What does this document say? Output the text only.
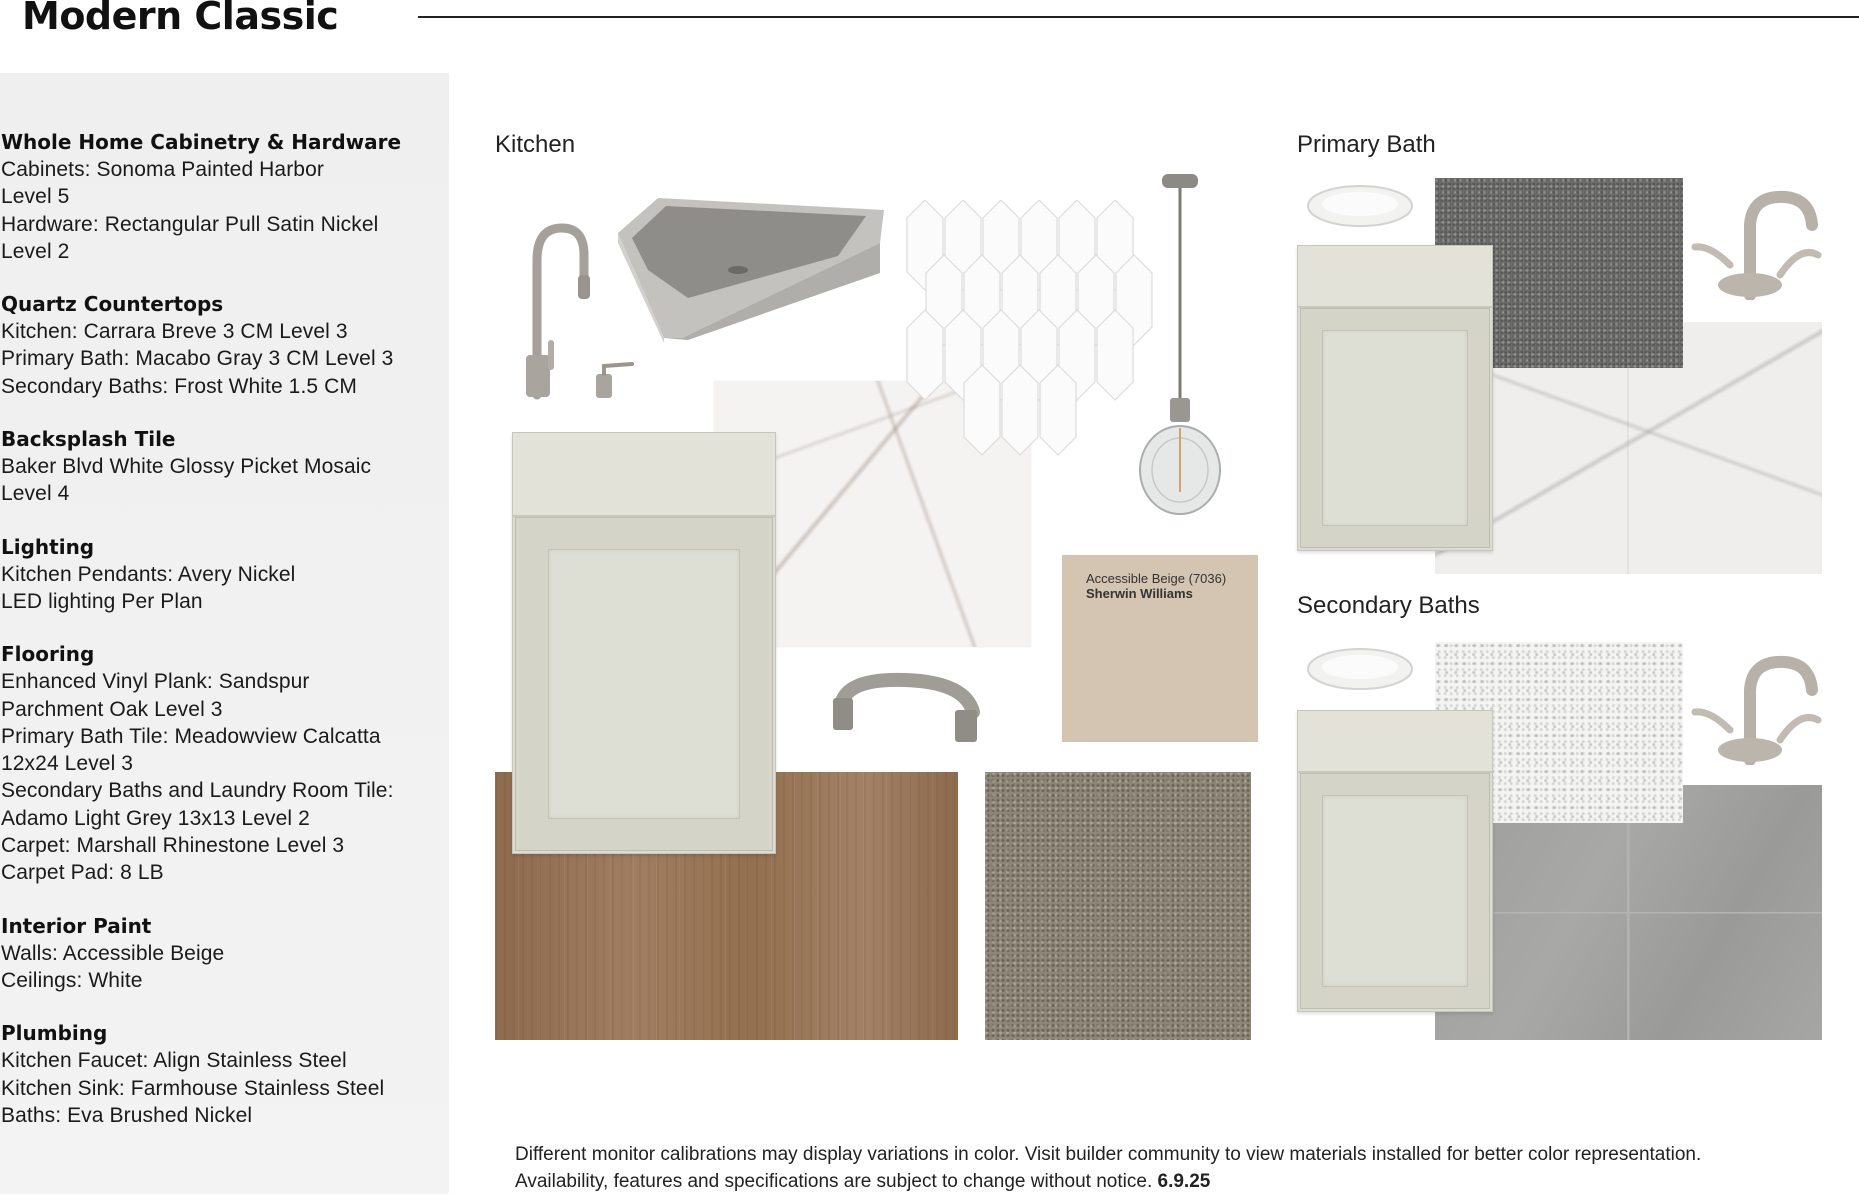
Modern Classic
Whole Home Cabinetry & Hardware
Cabinets: Sonoma Painted Harbor
Level 5
Hardware: Rectangular Pull Satin Nickel
Level 2
Quartz Countertops
Kitchen: Carrara Breve 3 CM Level 3
Primary Bath: Macabo Gray 3 CM Level 3
Secondary Baths: Frost White 1.5 CM
Backsplash Tile
Baker Blvd White Glossy Picket Mosaic
Level 4
Lighting
Kitchen Pendants: Avery Nickel
LED lighting Per Plan
Flooring
Enhanced Vinyl Plank: Sandspur
Parchment Oak Level 3
Primary Bath Tile: Meadowview Calcatta
12x24 Level 3
Secondary Baths and Laundry Room Tile:
Adamo Light Grey 13x13 Level 2
Carpet: Marshall Rhinestone Level 3
Carpet Pad: 8 LB
Interior Paint
Walls: Accessible Beige
Ceilings: White
Plumbing
Kitchen Faucet: Align Stainless Steel
Kitchen Sink: Farmhouse Stainless Steel
Baths: Eva Brushed Nickel
Kitchen	Primary Bath
Secondary Baths
Accessible Beige (7036)
Sherwin Williams
Different monitor calibrations may display variations in color. Visit builder community to view materials installed for better color representation. Availability, features and specifications are subject to change without notice. 6.9.25
